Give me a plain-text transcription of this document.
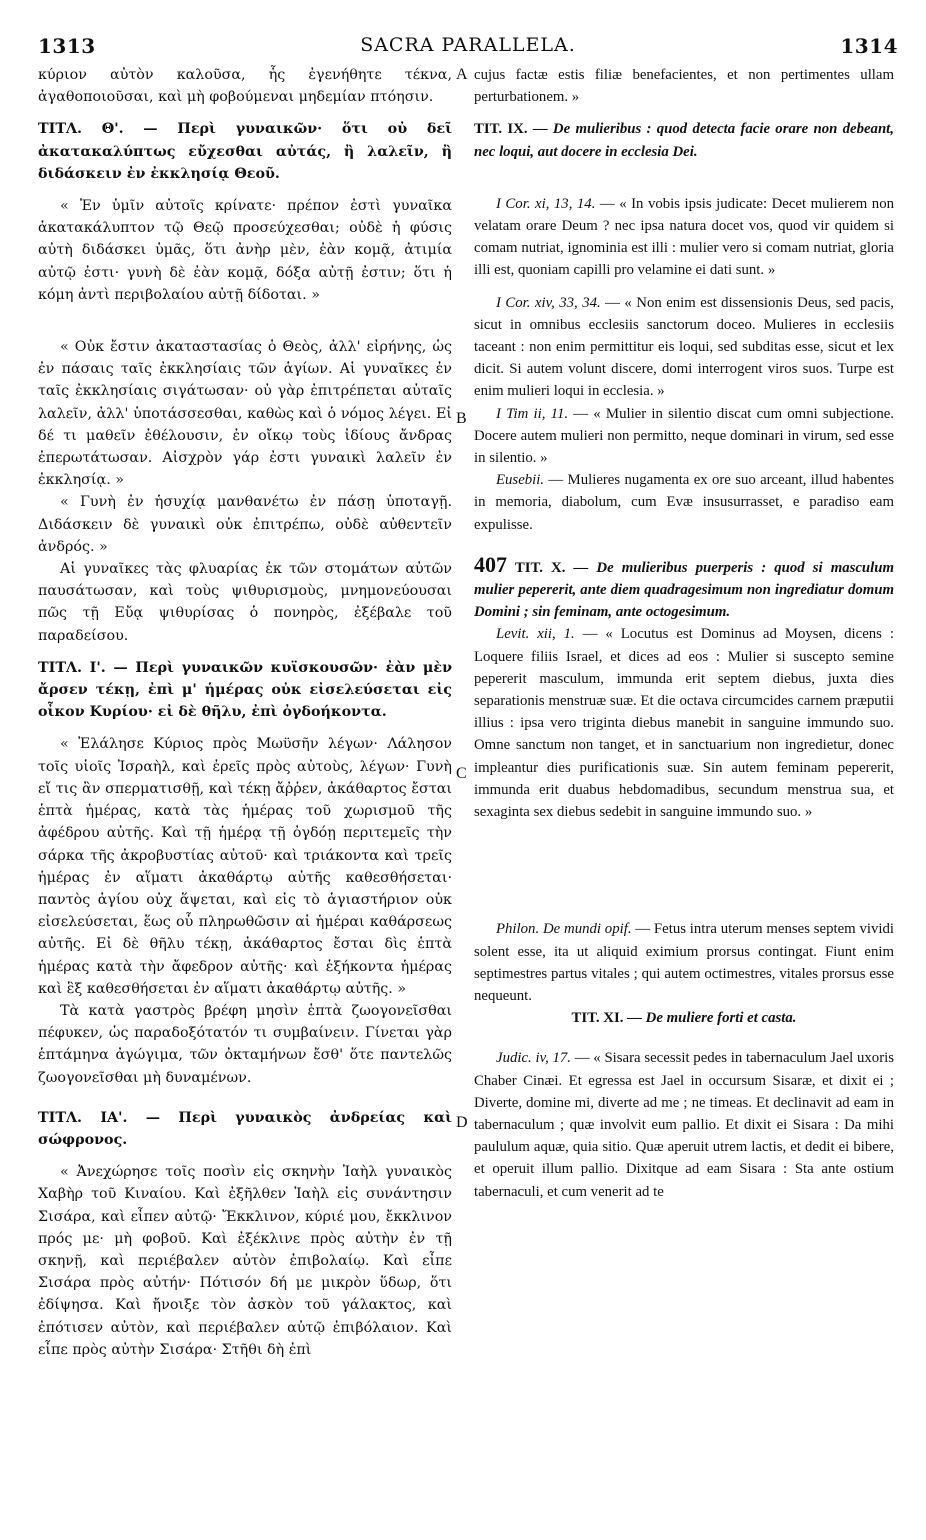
1313	SACRA PARALLELA.	1314
A
B
C
D

κύριον αὐτὸν καλοῦσα, ἧς ἐγενήθητε τέκνα, ἀγαθοποιοῦσαι, καὶ μὴ φοβούμεναι μηδεμίαν πτόησιν.

ΤΙΤΛ. Θ'. — Περὶ γυναικῶν· ὅτι οὐ δεῖ ἀκατακαλύπτως εὔχεσθαι αὐτάς, ἢ λαλεῖν, ἢ διδάσκειν ἐν ἐκκλησίᾳ Θεοῦ.

« Ἐν ὑμῖν αὐτοῖς κρίνατε· πρέπον ἐστὶ γυναῖκα ἀκατακάλυπτον τῷ Θεῷ προσεύχεσθαι; οὐδὲ ἡ φύσις αὐτὴ διδάσκει ὑμᾶς, ὅτι ἀνὴρ μὲν, ἐὰν κομᾷ, ἀτιμία αὐτῷ ἐστι· γυνὴ δὲ ἐὰν κομᾷ, δόξα αὐτῇ ἐστιν; ὅτι ἡ κόμη ἀντὶ περιβολαίου αὐτῇ δίδοται. »

« Οὐκ ἔστιν ἀκαταστασίας ὁ Θεὸς, ἀλλ' εἰρήνης, ὡς ἐν πάσαις ταῖς ἐκκλησίαις τῶν ἁγίων. Αἱ γυναῖκες ἐν ταῖς ἐκκλησίαις σιγάτωσαν· οὐ γὰρ ἐπιτρέπεται αὐταῖς λαλεῖν, ἀλλ' ὑποτάσσεσθαι, καθὼς καὶ ὁ νόμος λέγει. Εἰ δέ τι μαθεῖν ἐθέλουσιν, ἐν οἴκῳ τοὺς ἰδίους ἄνδρας ἐπερωτάτωσαν. Αἰσχρὸν γάρ ἐστι γυναικὶ λαλεῖν ἐν ἐκκλησίᾳ. »

« Γυνὴ ἐν ἡσυχίᾳ μανθανέτω ἐν πάσῃ ὑποταγῇ. Διδάσκειν δὲ γυναικὶ οὐκ ἐπιτρέπω, οὐδὲ αὐθεντεῖν ἀνδρός. »

Αἱ γυναῖκες τὰς φλυαρίας ἐκ τῶν στομάτων αὐτῶν παυσάτωσαν, καὶ τοὺς ψιθυρισμοὺς, μνημονεύουσαι πῶς τῇ Εὔᾳ ψιθυρίσας ὁ πονηρὸς, ἐξέβαλε τοῦ παραδείσου.

ΤΙΤΛ. Ι'. — Περὶ γυναικῶν κυϊσκουσῶν· ἐὰν μὲν ἄρσεν τέκῃ, ἐπὶ μ' ἡμέρας οὐκ εἰσελεύσεται εἰς οἶκον Κυρίου· εἰ δὲ θῆλυ, ἐπὶ ὀγδοήκοντα.

« Ἐλάλησε Κύριος πρὸς Μωϋσῆν λέγων· Λάλησον τοῖς υἱοῖς Ἰσραὴλ, καὶ ἐρεῖς πρὸς αὐτοὺς, λέγων· Γυνὴ εἴ τις ἂν σπερματισθῇ, καὶ τέκῃ ἄῤῥεν, ἀκάθαρτος ἔσται ἑπτὰ ἡμέρας, κατὰ τὰς ἡμέρας τοῦ χωρισμοῦ τῆς ἀφέδρου αὐτῆς. Καὶ τῇ ἡμέρᾳ τῇ ὀγδόῃ περιτεμεῖς τὴν σάρκα τῆς ἀκροβυστίας αὐτοῦ· καὶ τριάκοντα καὶ τρεῖς ἡμέρας ἐν αἵματι ἀκαθάρτῳ αὐτῆς καθεσθήσεται· παντὸς ἁγίου οὐχ ἅψεται, καὶ εἰς τὸ ἁγιαστήριον οὐκ εἰσελεύσεται, ἕως οὗ πληρωθῶσιν αἱ ἡμέραι καθάρσεως αὐτῆς. Εἰ δὲ θῆλυ τέκῃ, ἀκάθαρτος ἔσται δὶς ἑπτὰ ἡμέρας κατὰ τὴν ἄφεδρον αὐτῆς· καὶ ἑξήκοντα ἡμέρας καὶ ἓξ καθεσθήσεται ἐν αἵματι ἀκαθάρτῳ αὐτῆς. »

Τὰ κατὰ γαστρὸς βρέφη μησὶν ἑπτὰ ζωογονεῖσθαι πέφυκεν, ὡς παραδοξότατόν τι συμβαίνειν. Γίνεται γὰρ ἑπτάμηνα ἀγώγιμα, τῶν ὀκταμήνων ἔσθ' ὅτε παντελῶς ζωογονεῖσθαι μὴ δυναμένων.

ΤΙΤΛ. ΙΑ'. — Περὶ γυναικὸς ἀνδρείας καὶ σώφρονος.

« Ἀνεχώρησε τοῖς ποσὶν εἰς σκηνὴν Ἰαὴλ γυναικὸς Χαβὴρ τοῦ Κιναίου. Καὶ ἐξῆλθεν Ἰαὴλ εἰς συνάντησιν Σισάρα, καὶ εἶπεν αὐτῷ· Ἔκκλινον, κύριέ μου, ἔκκλινον πρός με· μὴ φοβοῦ. Καὶ ἐξέκλινε πρὸς αὐτὴν ἐν τῇ σκηνῇ, καὶ περιέβαλεν αὐτὸν ἐπιβολαίῳ. Καὶ εἶπε Σισάρα πρὸς αὐτήν· Πότισόν δή με μικρὸν ὕδωρ, ὅτι ἐδίψησα. Καὶ ἤνοιξε τὸν ἀσκὸν τοῦ γάλακτος, καὶ ἐπότισεν αὐτὸν, καὶ περιέβαλεν αὐτῷ ἐπιβόλαιον. Καὶ εἶπε πρὸς αὐτὴν Σισάρα· Στῆθι δὴ ἐπὶ

cujus factæ estis filiæ benefacientes, et non pertimentes ullam perturbationem. »

TIT. IX. — De mulieribus : quod detecta facie orare non debeant, nec loqui, aut docere in ecclesia Dei.

I Cor. xi, 13, 14. — « In vobis ipsis judicate: Decet mulierem non velatam orare Deum ? nec ipsa natura docet vos, quod vir quidem si comam nutriat, ignominia est illi : mulier vero si comam nutriat, gloria illi est, quoniam capilli pro velamine ei dati sunt. »

I Cor. xiv, 33, 34. — « Non enim est dissensionis Deus, sed pacis, sicut in omnibus ecclesiis sanctorum doceo. Mulieres in ecclesiis taceant : non enim permittitur eis loqui, sed subditas esse, sicut et lex dicit. Si autem volunt discere, domi interrogent viros suos. Turpe est enim mulieri loqui in ecclesia. »

I Tim ii, 11. — « Mulier in silentio discat cum omni subjectione. Docere autem mulieri non permitto, neque dominari in virum, sed esse in silentio. »

Eusebii. — Mulieres nugamenta ex ore suo arceant, illud habentes in memoria, diabolum, cum Evæ insusurrasset, e paradiso eam expulisse.

407 TIT. X. — De mulieribus puerperis : quod si masculum mulier pepererit, ante diem quadragesimum non ingrediatur domum Domini ; sin feminam, ante octogesimum.

Levit. xii, 1. — « Locutus est Dominus ad Moysen, dicens : Loquere filiis Israel, et dices ad eos : Mulier si suscepto semine pepererit masculum, immunda erit septem diebus, juxta dies separationis menstruæ suæ. Et die octava circumcides carnem præputii illius : ipsa vero triginta diebus manebit in sanguine immundo suo. Omne sanctum non tanget, et in sanctuarium non ingredietur, donec impleantur dies purificationis suæ. Sin autem feminam pepererit, immunda erit duabus hebdomadibus, secundum menstrua sua, et sexaginta sex diebus sedebit in sanguine immundo suo. »

Philon. De mundi opif. — Fetus intra uterum menses septem vividi solent esse, ita ut aliquid eximium prorsus contingat. Fiunt enim septimestres partus vitales ; qui autem octimestres, vitales prorsus esse nequeunt.

TIT. XI. — De muliere forti et casta.

Judic. iv, 17. — « Sisara secessit pedes in tabernaculum Jael uxoris Chaber Cinæi. Et egressa est Jael in occursum Sisaræ, et dixit ei ; Diverte, domine mi, diverte ad me ; ne timeas. Et declinavit ad eam in tabernaculum ; quæ involvit eum pallio. Et dixit ei Sisara : Da mihi paululum aquæ, quia sitio. Quæ aperuit utrem lactis, et dedit ei bibere, et operuit illum pallio. Dixitque ad eam Sisara : Sta ante ostium tabernaculi, et cum venerit ad te
